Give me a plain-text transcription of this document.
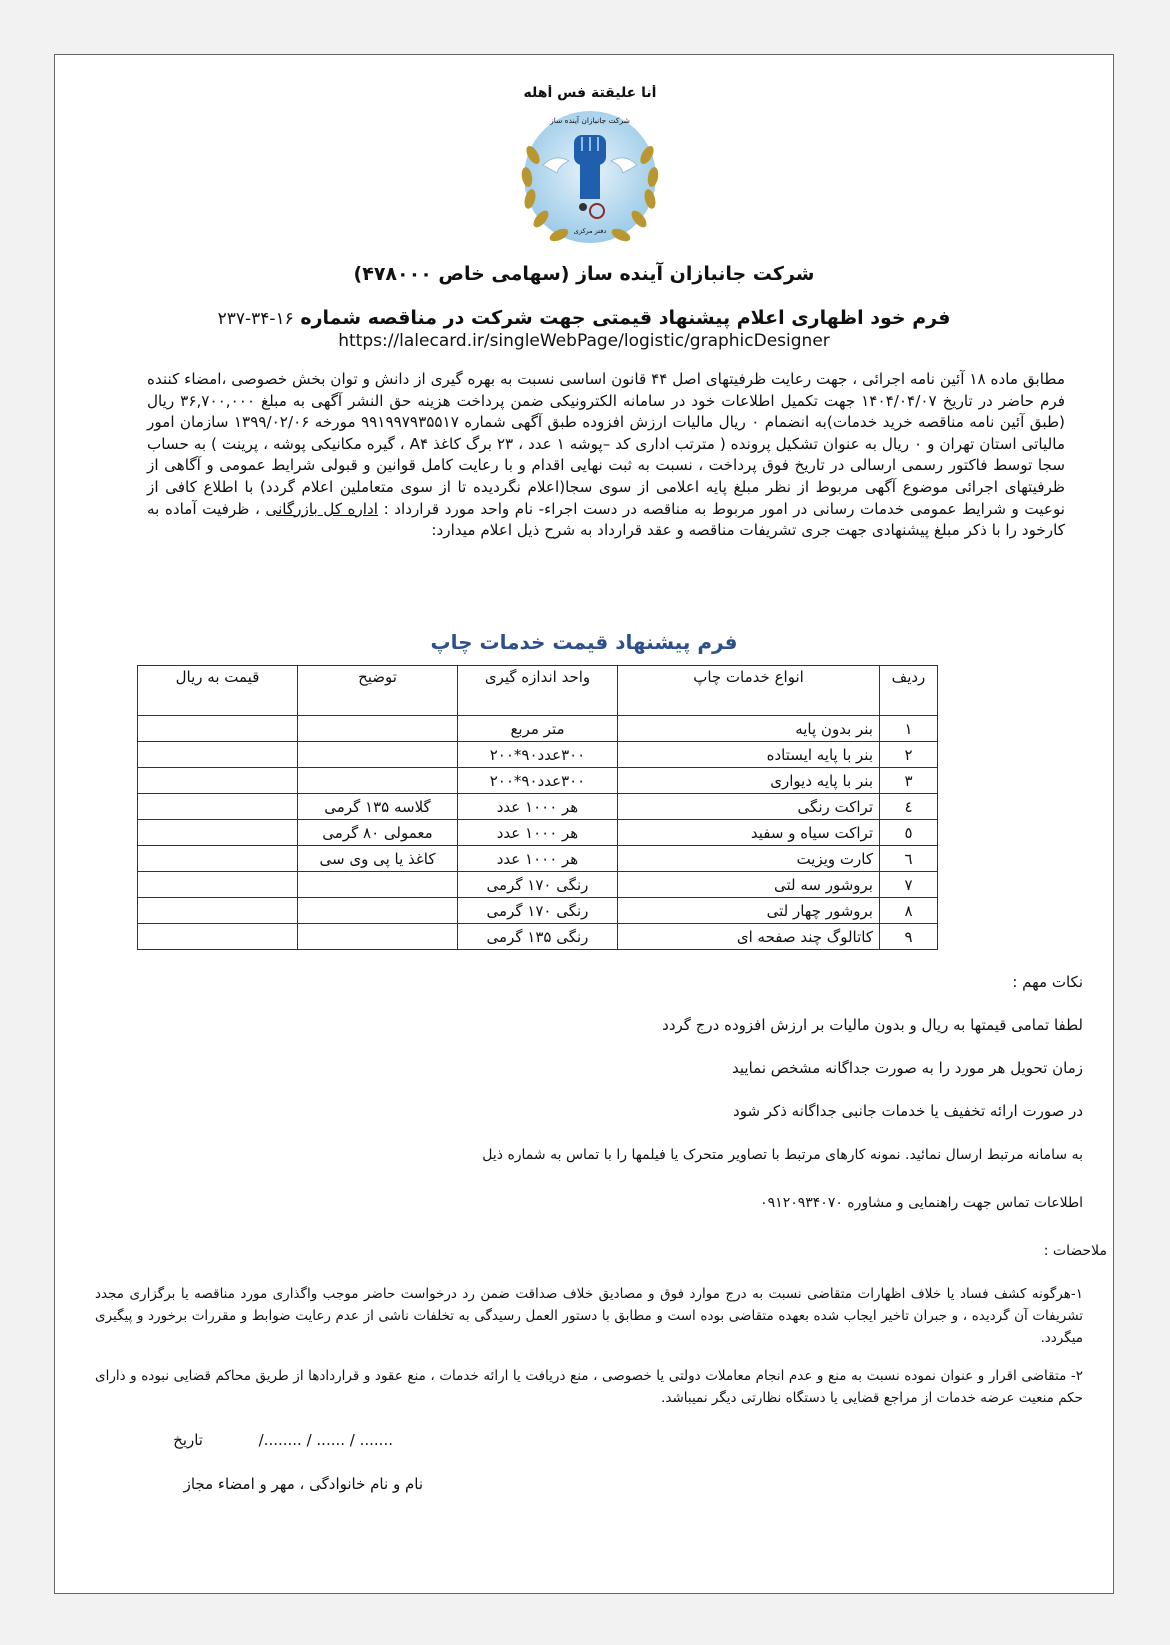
أنا عليقتة فس أهله
شرکت جانبازان آینده ساز
دفتر مرکزی
شرکت جانبازان آینده ساز (سهامی خاص ۴۷۸۰۰۰)
فرم خود اظهاری اعلام پیشنهاد قیمتی جهت شرکت در مناقصه شماره ۲۳۷-۳۴-۱۶
https://lalecard.ir/singleWebPage/logistic/graphicDesigner
مطابق ماده ۱۸ آئین نامه اجرائی ، جهت رعایت ظرفیتهای اصل ۴۴ قانون اساسی نسبت به بهره گیری از دانش و توان بخش خصوصی ،امضاء کننده فرم حاضر در تاریخ ۱۴۰۴/۰۴/۰۷ جهت تکمیل اطلاعات خود در سامانه الکترونیکی ضمن پرداخت هزینه حق النشر آگهی به مبلغ ۳۶,۷۰۰,۰۰۰ ریال (طبق آئین نامه مناقصه خرید خدمات)به انضمام ۰ ریال مالیات ارزش افزوده طبق آگهی شماره ۹۹۱۹۹۷۹۳۵۵۱۷ مورخه ۱۳۹۹/۰۲/۰۶ سازمان امور مالیاتی استان تهران و ۰ ریال به عنوان تشکیل پرونده ( مترتب اداری کد –پوشه ۱ عدد ، ۲۳ برگ کاغذ A۴ ، گیره مکانیکی پوشه ، پرینت ) به حساب سجا توسط فاکتور رسمی ارسالی در تاریخ فوق پرداخت ، نسبت به ثبت نهایی اقدام و با رعایت کامل قوانین و قبولی شرایط عمومی و آگاهی از ظرفیتهای اجرائی موضوع آگهی مربوط از نظر مبلغ پایه اعلامی از سوی سجا(اعلام نگردیده تا از سوی متعاملین اعلام گردد) با اطلاع کافی از نوعیت و شرایط عمومی خدمات رسانی در امور مربوط به مناقصه در دست اجراء- نام واحد مورد قرارداد : اداره کل بازرگانی ، ظرفیت آماده به کارخود را با ذکر مبلغ پیشنهادی جهت جری تشریفات مناقصه و عقد قرارداد به شرح ذیل اعلام میدارد:
فرم پیشنهاد قیمت خدمات چاپ
ردیف	انواع خدمات چاپ	واحد اندازه گیری	توضیح	قیمت به ریال
۱	بنر بدون پایه	متر مربع		
۲	بنر با پایه ایستاده	۳۰۰عدد۹۰*۲۰۰		
۳	بنر با پایه دیواری	۳۰۰عدد۹۰*۲۰۰		
٤	تراکت رنگی	هر ۱۰۰۰ عدد	گلاسه ۱۳۵ گرمی	
٥	تراکت سیاه و سفید	هر ۱۰۰۰ عدد	معمولی ۸۰ گرمی	
٦	کارت ویزیت	هر ۱۰۰۰ عدد	کاغذ یا پی وی سی	
۷	بروشور سه لتی	رنگی ۱۷۰ گرمی		
۸	بروشور چهار لتی	رنگی ۱۷۰ گرمی		
۹	کاتالوگ چند صفحه ای	رنگی ۱۳۵ گرمی		
نکات مهم :
لطفا تمامی قیمتها به ریال و بدون مالیات بر ارزش افزوده درج گردد
زمان تحویل هر مورد را به صورت جداگانه مشخص نمایید
در صورت ارائه تخفیف یا خدمات جانبی جداگانه ذکر شود
به سامانه مرتبط ارسال نمائید. نمونه کارهای مرتبط با تصاویر متحرک یا فیلمها را با تماس به شماره ذیل
اطلاعات تماس جهت راهنمایی و مشاوره ۰۹۱۲۰۹۳۴۰۷۰
ملاحضات :
۱-هرگونه کشف فساد یا خلاف اظهارات متقاضی نسبت به درج موارد فوق و مصادیق خلاف صداقت ضمن رد درخواست حاضر موجب واگذاری مورد مناقصه یا برگزاری مجدد تشریفات آن گردیده ، و جبران تاخیر ایجاب شده بعهده متقاضی بوده است و مطابق با دستور العمل رسیدگی به تخلفات ناشی از عدم رعایت ضوابط و مقررات برخورد و پیگیری میگردد.
۲- متقاضی اقرار و عنوان نموده نسبت به منع و عدم انجام معاملات دولتی یا خصوصی ، منع دریافت یا ارائه خدمات ، منع عقود و قراردادها از طریق محاکم قضایی نبوده و دارای حکم منعیت عرضه خدمات از مراجع قضایی یا دستگاه نظارتی دیگر نمیباشد.
تاریخ	/........ / ...... / .......
نام و نام خانوادگی ، مهر و امضاء مجاز
